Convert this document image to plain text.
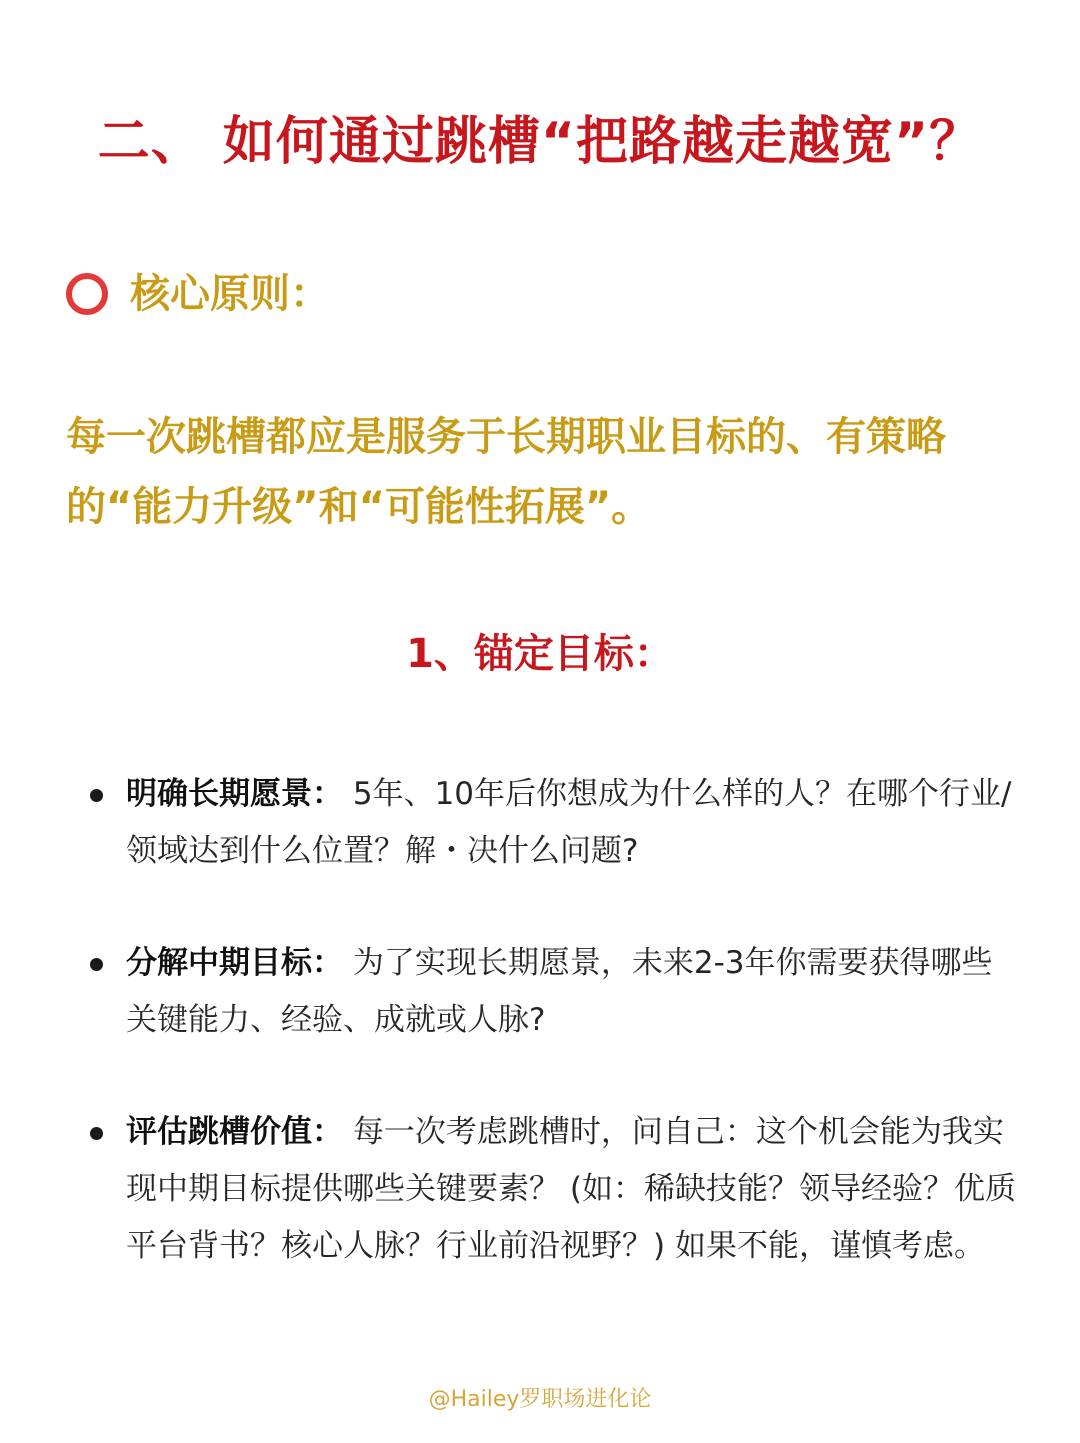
二、 如何通过跳槽“把路越走越宽”？
核心原则：

每一次跳槽都应是服务于长期职业目标的、有策略的“能力升级”和“可能性拓展”。

1、锚定目标：

明确长期愿景： 5年、10年后你想成为什么样的人？在哪个行业/领域达到什么位置？解・决什么问题?

分解中期目标： 为了实现长期愿景，未来2-3年你需要获得哪些关键能力、经验、成就或人脉?

评估跳槽价值： 每一次考虑跳槽时，问自己：这个机会能为我实现中期目标提供哪些关键要素？ (如：稀缺技能？领导经验？优质平台背书？核心人脉？行业前沿视野？) 如果不能，谨慎考虑。

@Hailey罗职场进化论
